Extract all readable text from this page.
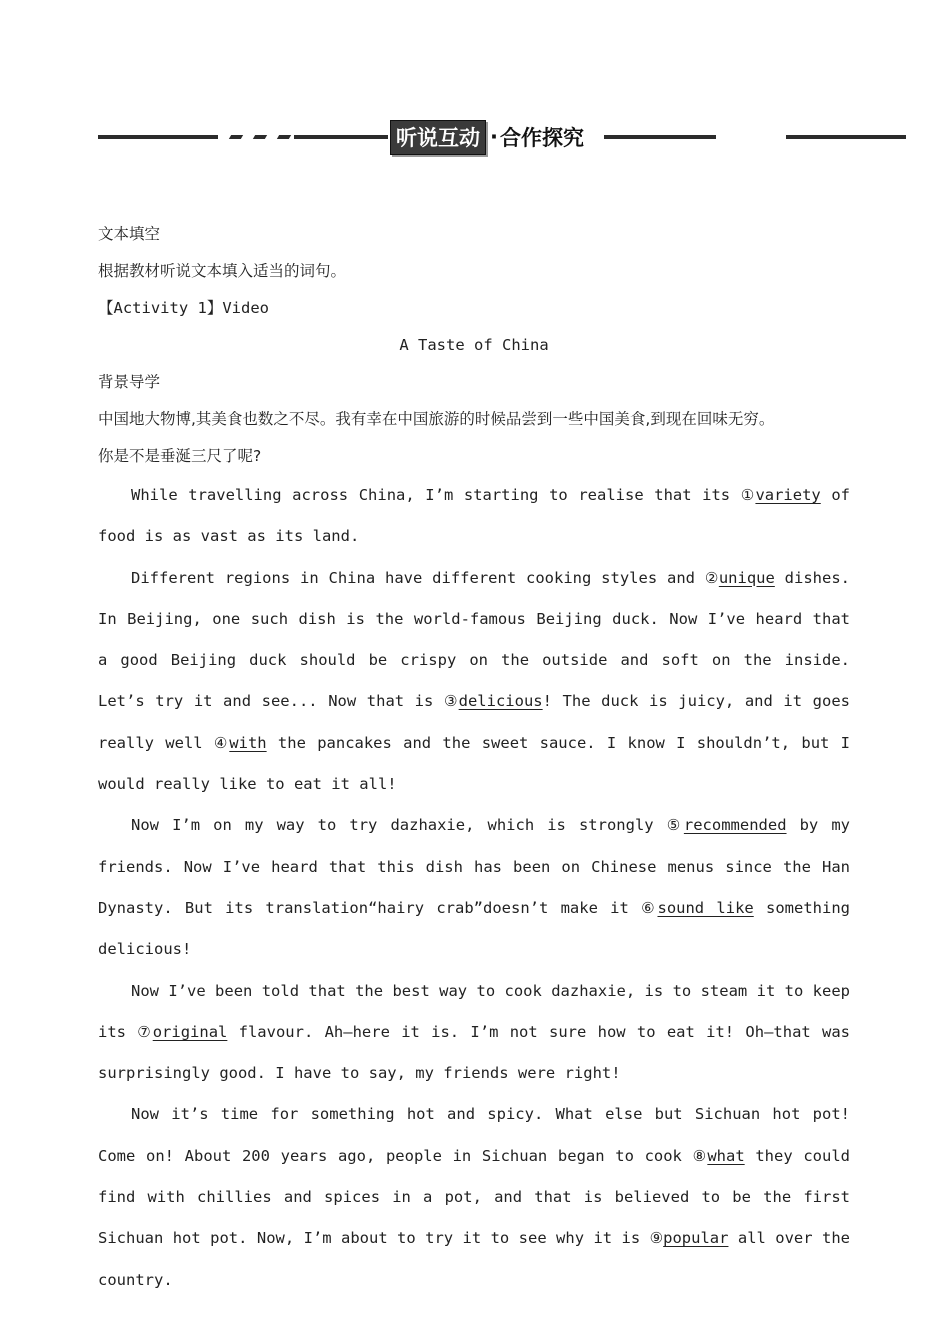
听说互动 · 合作探究

文本填空

根据教材听说文本填入适当的词句。

【Activity 1】Video

A Taste of China

背景导学

中国地大物博,其美食也数之不尽。我有幸在中国旅游的时候品尝到一些中国美食,到现在回味无穷。

你是不是垂涎三尺了呢?

While travelling across China, I’m starting to realise that its ①variety of food is as vast as its land.

Different regions in China have different cooking styles and ②unique dishes. In Beijing, one such dish is the world-famous Beijing duck. Now I’ve heard that a good Beijing duck should be crispy on the outside and soft on the inside. Let’s try it and see... Now that is ③delicious! The duck is juicy, and it goes really well ④with the pancakes and the sweet sauce. I know I shouldn’t, but I would really like to eat it all!

Now I’m on my way to try dazhaxie, which is strongly ⑤recommended by my friends. Now I’ve heard that this dish has been on Chinese menus since the Han Dynasty. But its translation“hairy crab”doesn’t make it ⑥sound like something delicious!

Now I’ve been told that the best way to cook dazhaxie, is to steam it to keep its ⑦original flavour. Ah—here it is. I’m not sure how to eat it! Oh—that was surprisingly good. I have to say, my friends were right!

Now it’s time for something hot and spicy. What else but Sichuan hot pot! Come on! About 200 years ago, people in Sichuan began to cook ⑧what they could find with chillies and spices in a pot, and that is believed to be the first Sichuan hot pot. Now, I’m about to try it to see why it is ⑨popular all over the country.
